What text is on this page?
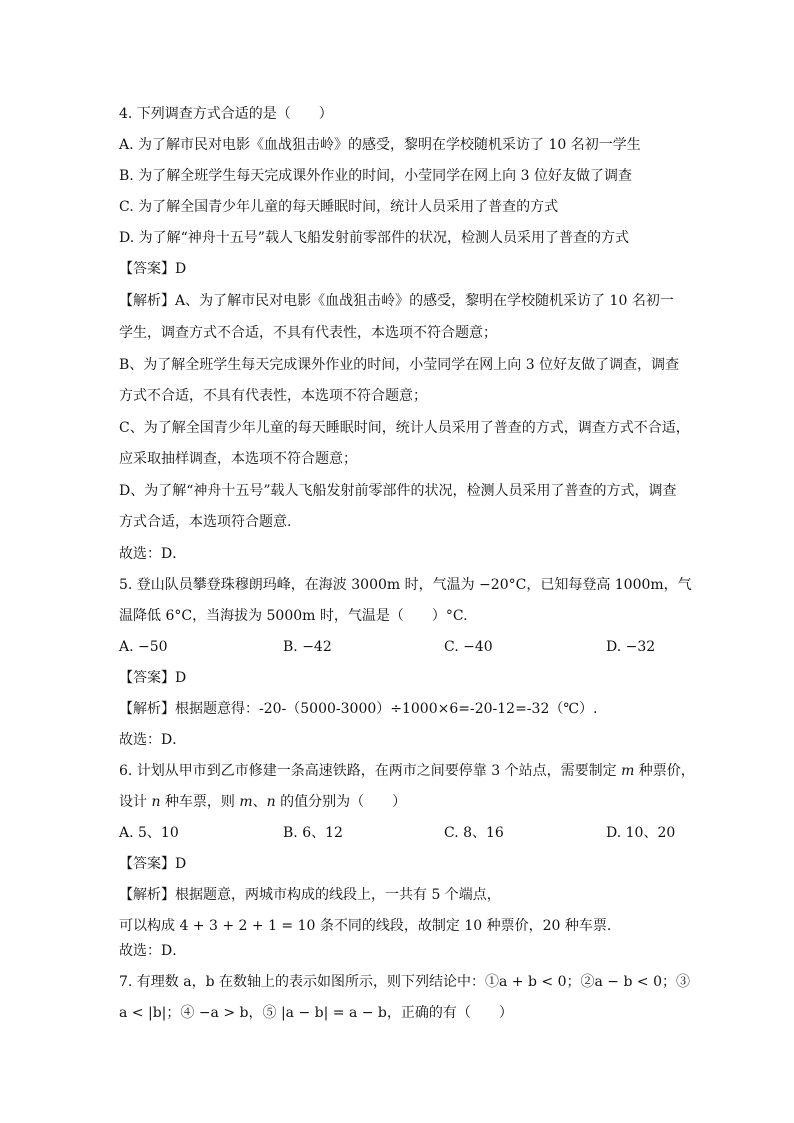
4. 下列调查方式合适的是（　　）
A. 为了解市民对电影《血战狙击岭》的感受，黎明在学校随机采访了 10 名初一学生
B. 为了解全班学生每天完成课外作业的时间，小莹同学在网上向 3 位好友做了调查
C. 为了解全国青少年儿童的每天睡眠时间，统计人员采用了普查的方式
D. 为了解“神舟十五号”载人飞船发射前零部件的状况，检测人员采用了普查的方式
【答案】D
【解析】A、为了解市民对电影《血战狙击岭》的感受，黎明在学校随机采访了 10 名初一
学生，调查方式不合适，不具有代表性，本选项不符合题意；
B、为了解全班学生每天完成课外作业的时间，小莹同学在网上向 3 位好友做了调查，调查
方式不合适，不具有代表性，本选项不符合题意；
C、为了解全国青少年儿童的每天睡眠时间，统计人员采用了普查的方式，调查方式不合适，
应采取抽样调查，本选项不符合题意；
D、为了解“神舟十五号”载人飞船发射前零部件的状况，检测人员采用了普查的方式，调查
方式合适，本选项符合题意.
故选：D．
5. 登山队员攀登珠穆朗玛峰，在海波 3000m 时，气温为 −20°C，已知每登高 1000m，气
温降低 6°C，当海拔为 5000m 时，气温是（　　）°C.
A. −50	B. −42	C. −40	D. −32
【答案】D
【解析】根据题意得：-20-（5000-3000）÷1000×6=-20-12=-32（℃）.
故选：D．
6. 计划从甲市到乙市修建一条高速铁路，在两市之间要停靠 3 个站点，需要制定 m 种票价，
设计 n 种车票，则 m、n 的值分别为（　　）
A. 5、10	B. 6、12	C. 8、16	D. 10、20
【答案】D
【解析】根据题意，两城市构成的线段上，一共有 5 个端点，
可以构成 4 + 3 + 2 + 1 = 10 条不同的线段，故制定 10 种票价，20 种车票.
故选：D．
7. 有理数 a，b 在数轴上的表示如图所示，则下列结论中：①a + b < 0；②a − b < 0；③
a < |b|；④ −a > b，⑤ |a − b| = a − b，正确的有（　　）
